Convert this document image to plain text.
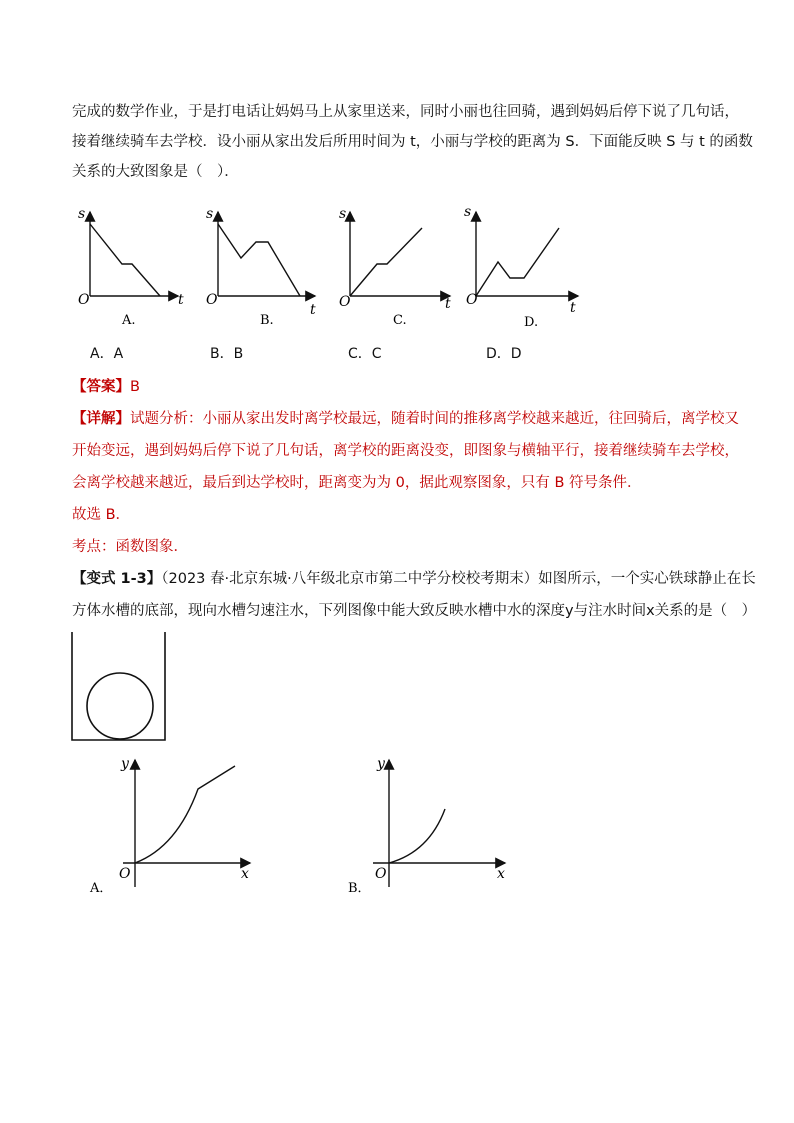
完成的数学作业，于是打电话让妈妈马上从家里送来，同时小丽也往回骑，遇到妈妈后停下说了几句话，
接着继续骑车去学校．设小丽从家出发后所用时间为 t，小丽与学校的距离为 S．下面能反映 S 与 t 的函数
关系的大致图象是（　）．
s
t
O
A.
s
t
O
B.
s
t
O
C.
s
t
O
D.
A．A	B．B	C．C	D．D
【答案】B
【详解】试题分析：小丽从家出发时离学校最远，随着时间的推移离学校越来越近，往回骑后，离学校又
开始变远，遇到妈妈后停下说了几句话，离学校的距离没变，即图象与横轴平行，接着继续骑车去学校，
会离学校越来越近，最后到达学校时，距离变为为 0，据此观察图象，只有 B 符号条件．
故选 B．
考点：函数图象．
【变式 1-3】（2023 春·北京东城·八年级北京市第二中学分校校考期末）如图所示，一个实心铁球静止在长
方体水槽的底部，现向水槽匀速注水，下列图像中能大致反映水槽中水的深度y与注水时间x关系的是（　）
y
x
O
A．
y
x
O
B．
